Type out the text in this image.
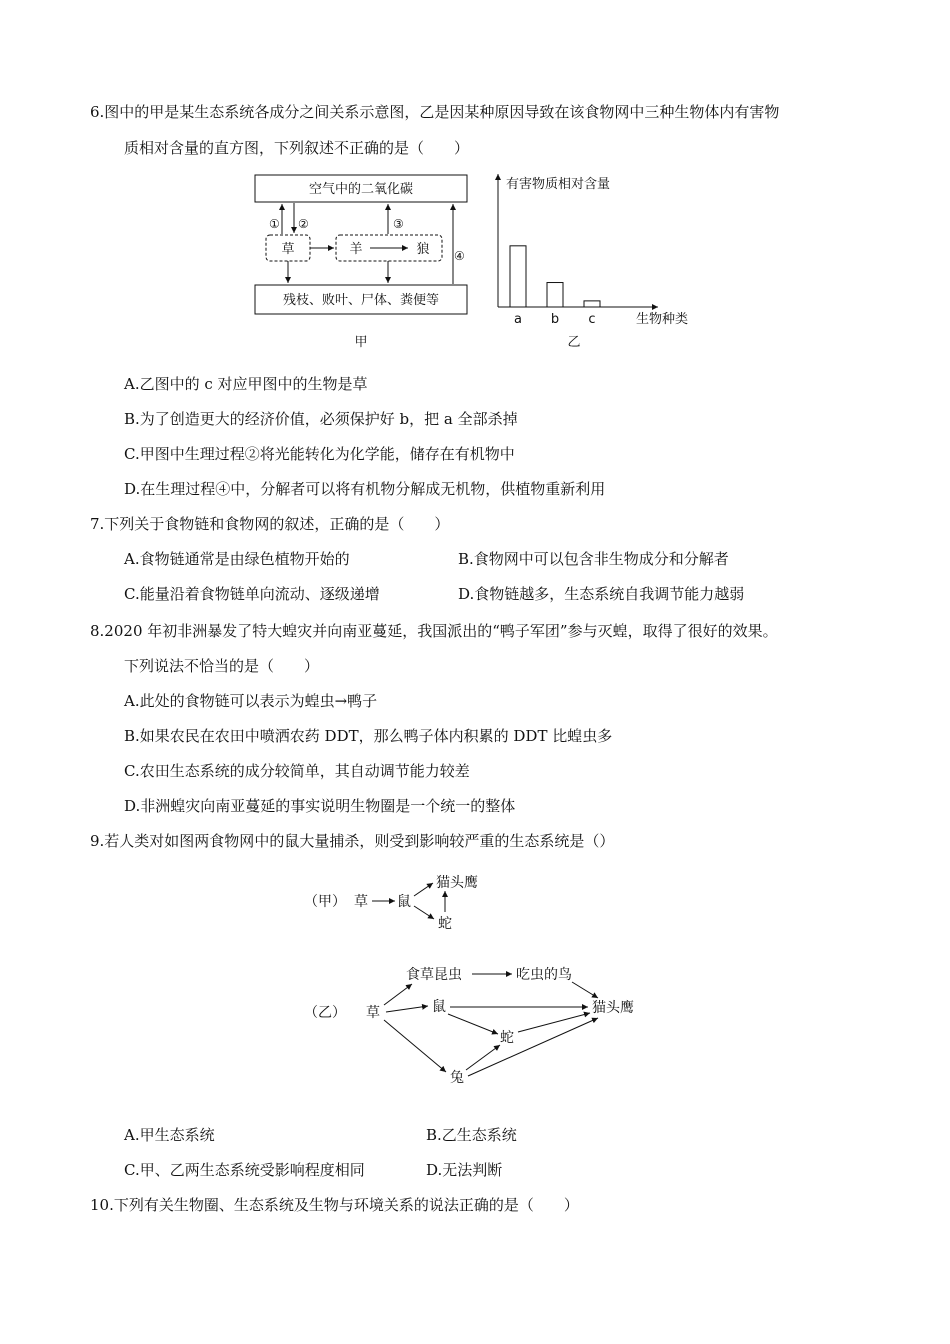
6.图中的甲是某生态系统各成分之间关系示意图，乙是因某种原因导致在该食物网中三种生物体内有害物
质相对含量的直方图，下列叙述不正确的是（　　）
空气中的二氧化碳
残枝、败叶、尸体、粪便等
草	羊	狼
① ②	③
④
甲
有害物质相对含量
生物种类
a b c
乙
A.乙图中的 c 对应甲图中的生物是草
B.为了创造更大的经济价值，必须保护好 b，把 a 全部杀掉
C.甲图中生理过程②将光能转化为化学能，储存在有机物中
D.在生理过程④中，分解者可以将有机物分解成无机物，供植物重新利用
7.下列关于食物链和食物网的叙述，正确的是（　　）
A.食物链通常是由绿色植物开始的	B.食物网中可以包含非生物成分和分解者
C.能量沿着食物链单向流动、逐级递增	D.食物链越多，生态系统自我调节能力越弱
8.2020 年初非洲暴发了特大蝗灾并向南亚蔓延，我国派出的“鸭子军团”参与灭蝗，取得了很好的效果。
下列说法不恰当的是（　　）
A.此处的食物链可以表示为蝗虫→鸭子
B.如果农民在农田中喷洒农药 DDT，那么鸭子体内积累的 DDT 比蝗虫多
C.农田生态系统的成分较简单，其自动调节能力较差
D.非洲蝗灾向南亚蔓延的事实说明生物圈是一个统一的整体
9.若人类对如图两食物网中的鼠大量捕杀，则受到影响较严重的生态系统是（）
（甲） 草 鼠
猫头鹰
蛇
（乙） 草
食草昆虫	吃虫的鸟
鼠	猫头鹰
蛇
兔
A.甲生态系统	B.乙生态系统
C.甲、乙两生态系统受影响程度相同	D.无法判断
10.下列有关生物圈、生态系统及生物与环境关系的说法正确的是（　　）
